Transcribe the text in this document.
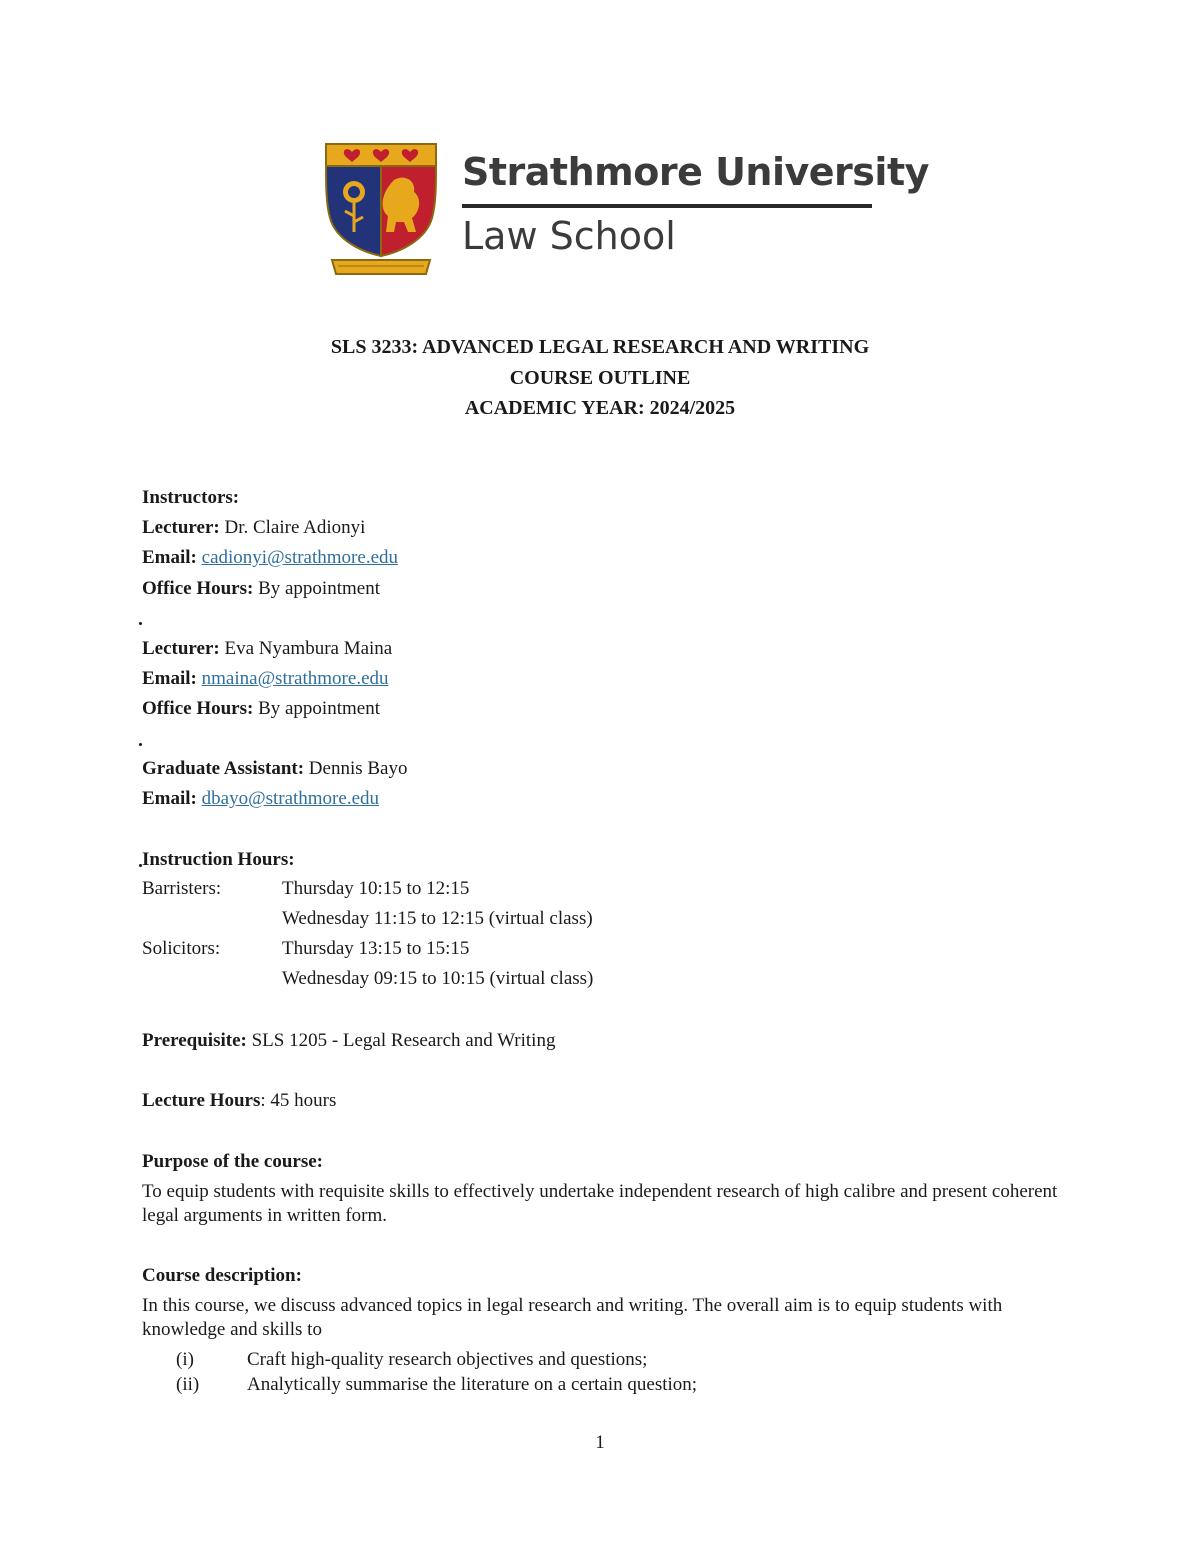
Strathmore University
Law School
SLS 3233: ADVANCED LEGAL RESEARCH AND WRITING
COURSE OUTLINE
ACADEMIC YEAR: 2024/2025
Instructors:
Lecturer: Dr. Claire Adionyi
Email: cadionyi@strathmore.edu
Office Hours: By appointment
Lecturer: Eva Nyambura Maina
Email: nmaina@strathmore.edu
Office Hours: By appointment
Graduate Assistant: Dennis Bayo
Email: dbayo@strathmore.edu
Instruction Hours:
Barristers:	Thursday 10:15 to 12:15
Wednesday 11:15 to 12:15 (virtual class)
Solicitors:	Thursday 13:15 to 15:15
Wednesday 09:15 to 10:15 (virtual class)
Prerequisite: SLS 1205 - Legal Research and Writing
Lecture Hours: 45 hours
Purpose of the course:
To equip students with requisite skills to effectively undertake independent research of high calibre and present coherent legal arguments in written form.
Course description:
In this course, we discuss advanced topics in legal research and writing. The overall aim is to equip students with knowledge and skills to
(i)	Craft high-quality research objectives and questions;
(ii)	Analytically summarise the literature on a certain question;
1
